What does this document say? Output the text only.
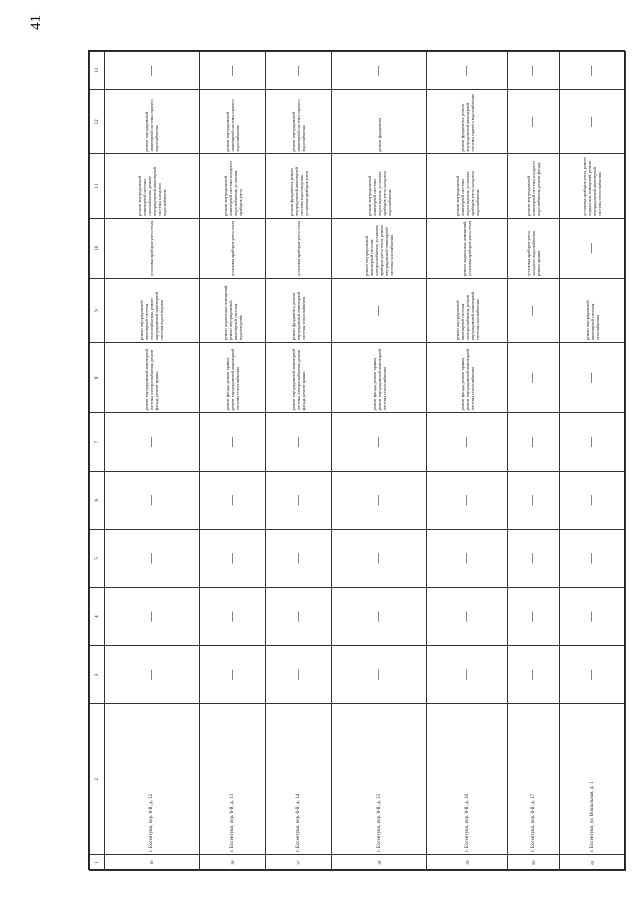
41
1	2	3	4	5	6	7	8	9	10	11	12	13
16	г. Ессентуки, пер. 6-й, д. 12	—	—	—	—	—	ремонт внутридомовой инженерной системы электроснабжения, ремонт фасада, ремонт крыши	ремонт внутридомовой инженерной системы теплоснабжения, ремонт внутридомовой инженерной системы водоотведения	установка приборов учета тепла	ремонт внутридомовой инженерной системы газоснабжения, ремонт внутридомовой инженерной системы холодного водоснабжения	ремонт внутридомовой инженерной системы горячего водоснабжения	—
56	г. Ессентуки, пер. 6-й, д. 13	—	—	—	—	—	ремонт фасада, ремонт крыши, ремонт внутридомовой инженерной системы теплоснабжения	ремонт подвальных помещений, ремонт внутридомовой инженерной системы водоотведения	установка приборов учета тепла	ремонт внутридомовой инженерной системы холодного водоснабжения, установка приборов учета	ремонт внутридомовой инженерной системы горячего водоснабжения	—
57	г. Ессентуки, пер. 6-й, д. 14	—	—	—	—	—	ремонт внутридомовой инженерной системы электроснабжения, ремонт фасада, ремонт крыши	ремонт фундамента, ремонт внутридомовой инженерной системы теплоснабжения	установка приборов учета тепла	ремонт фундамента, ремонт внутридомовой инженерной системы водоотведения, установка приборов учета	ремонт внутридомовой инженерной системы горячего водоснабжения	—
58	г. Ессентуки, пер. 6-й, д. 15	—	—	—	—	—	ремонт фасада, ремонт крыши, ремонт внутридомовой инженерной системы теплоснабжения	—	ремонт внутридомовой инженерной системы электроснабжения, установка приборов учета тепла, ремонт внутридомовой инженерной системы газоснабжения	ремонт внутридомовой инженерной системы водоотведения, установка приборов учета холодного водоснабжения	ремонт фундамента	—
59	г. Ессентуки, пер. 6-й, д. 16	—	—	—	—	—	ремонт фасада, ремонт крыши, ремонт внутридомовой инженерной системы теплоснабжения	ремонт внутридомовой инженерной системы электроснабжения, ремонт внутридомовой инженерной системы газоснабжения	ремонт подвальных помещений, установка приборов учета тепла	ремонт внутридомовой инженерной системы водоотведения, установка приборов учета холодного водоснабжения	ремонт фундамента, ремонт внутридомовой инженерной системы горячего водоснабжения	—
60	г. Ессентуки, пер. 6-й, д. 17	—	—	—	—	—	—	—	установка приборов учета холодного водоснабжения, ремонт крыши	ремонт внутридомовой инженерной системы холодного водоснабжения, ремонт фасада	—	—
61	г. Ессентуки, ул. Вокзальная, д. 1	—	—	—	—	—	—	ремонт внутридомовой инженерной системы газоснабжения	—	установка приборов учета, ремонт подвальных помещений, ремонт внутридомовой инженерной системы теплоснабжения	—	—
